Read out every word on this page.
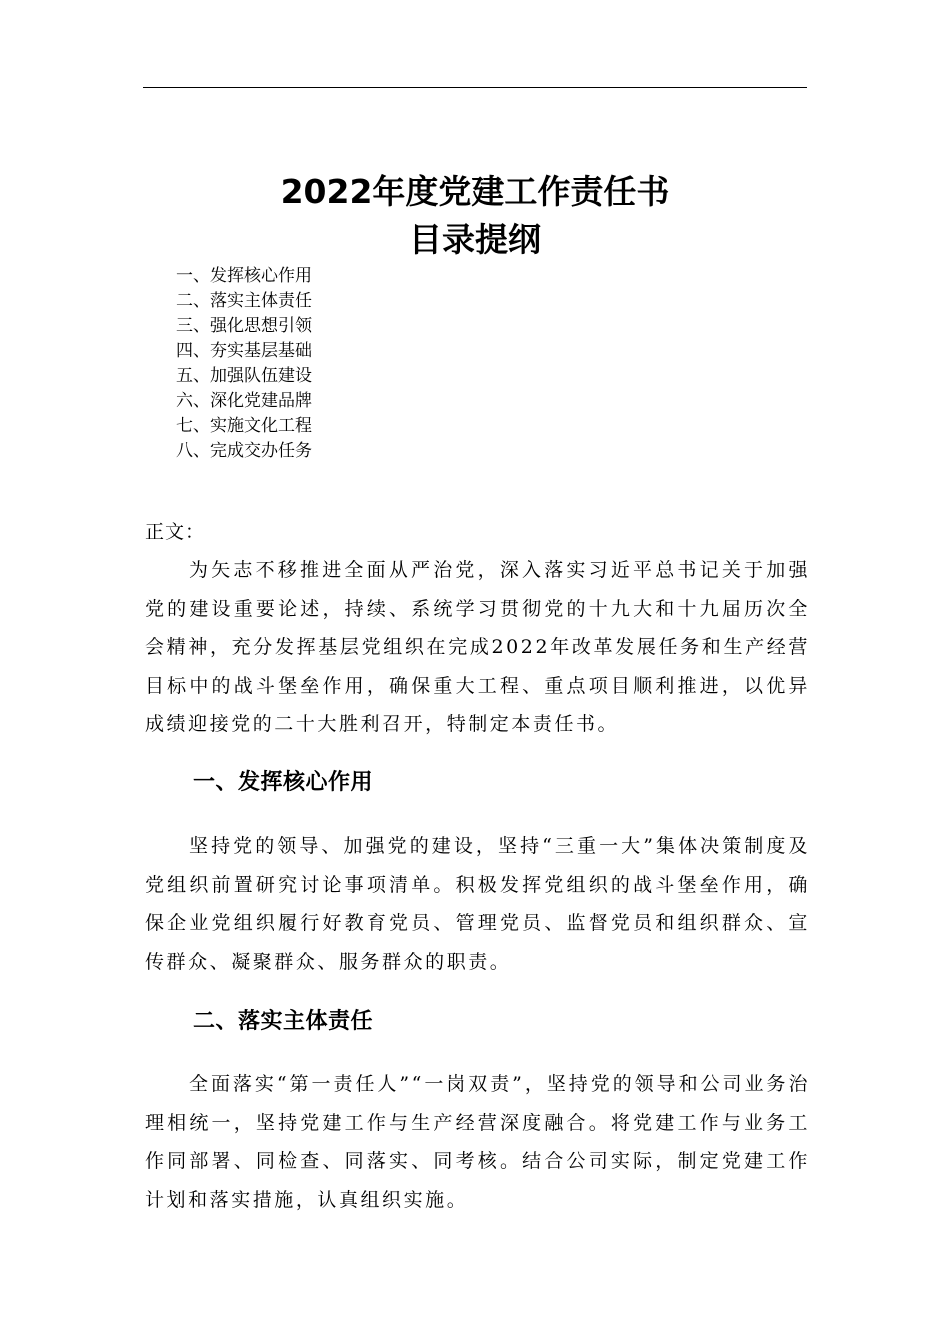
2022年度党建工作责任书
目录提纲
一、发挥核心作用
二、落实主体责任
三、强化思想引领
四、夯实基层基础
五、加强队伍建设
六、深化党建品牌
七、实施文化工程
八、完成交办任务
正文：

为矢志不移推进全面从严治党，深入落实习近平总书记关于加强党的建设重要论述，持续、系统学习贯彻党的十九大和十九届历次全会精神，充分发挥基层党组织在完成2022年改革发展任务和生产经营目标中的战斗堡垒作用，确保重大工程、重点项目顺利推进，以优异成绩迎接党的二十大胜利召开，特制定本责任书。

一、发挥核心作用

坚持党的领导、加强党的建设，坚持“三重一大”集体决策制度及党组织前置研究讨论事项清单。积极发挥党组织的战斗堡垒作用，确保企业党组织履行好教育党员、管理党员、监督党员和组织群众、宣传群众、凝聚群众、服务群众的职责。

二、落实主体责任

全面落实“第一责任人”“一岗双责”，坚持党的领导和公司业务治理相统一，坚持党建工作与生产经营深度融合。将党建工作与业务工作同部署、同检查、同落实、同考核。结合公司实际，制定党建工作计划和落实措施，认真组织实施。
